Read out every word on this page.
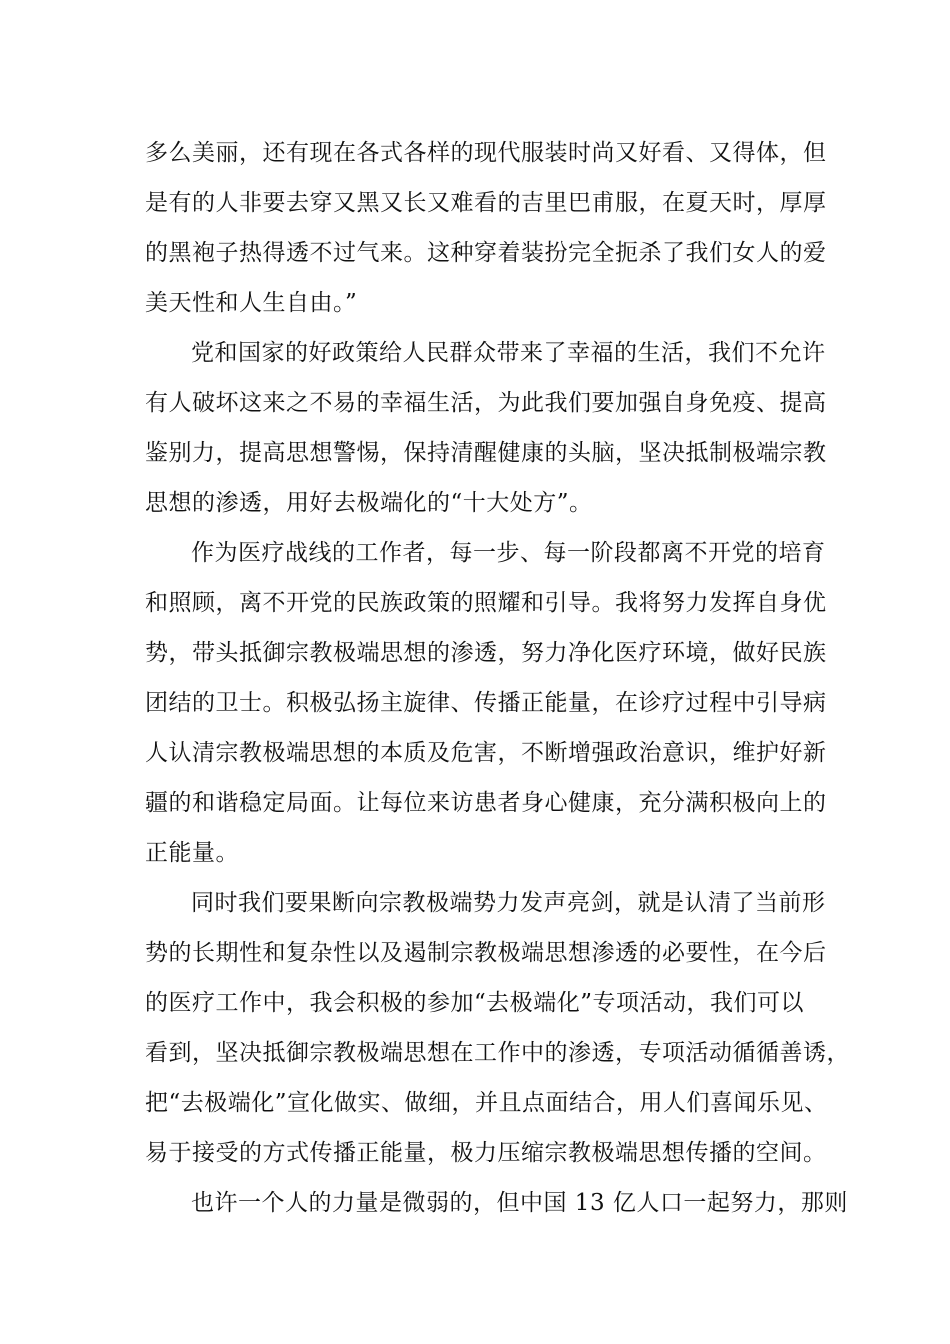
多么美丽，还有现在各式各样的现代服装时尚又好看、又得体，但
是有的人非要去穿又黑又长又难看的吉里巴甫服，在夏天时，厚厚
的黑袍子热得透不过气来。这种穿着装扮完全扼杀了我们女人的爱
美天性和人生自由。”
党和国家的好政策给人民群众带来了幸福的生活，我们不允许
有人破坏这来之不易的幸福生活，为此我们要加强自身免疫、提高
鉴别力，提高思想警惕，保持清醒健康的头脑，坚决抵制极端宗教
思想的渗透，用好去极端化的“十大处方”。
作为医疗战线的工作者，每一步、每一阶段都离不开党的培育
和照顾，离不开党的民族政策的照耀和引导。我将努力发挥自身优
势，带头抵御宗教极端思想的渗透，努力净化医疗环境，做好民族
团结的卫士。积极弘扬主旋律、传播正能量，在诊疗过程中引导病
人认清宗教极端思想的本质及危害，不断增强政治意识，维护好新
疆的和谐稳定局面。让每位来访患者身心健康，充分满积极向上的
正能量。
同时我们要果断向宗教极端势力发声亮剑，就是认清了当前形
势的长期性和复杂性以及遏制宗教极端思想渗透的必要性，在今后
的医疗工作中，我会积极的参加“去极端化”专项活动，我们可以
看到，坚决抵御宗教极端思想在工作中的渗透，专项活动循循善诱，
把“去极端化”宣化做实、做细，并且点面结合，用人们喜闻乐见、
易于接受的方式传播正能量，极力压缩宗教极端思想传播的空间。
也许一个人的力量是微弱的，但中国 13 亿人口一起努力，那则
